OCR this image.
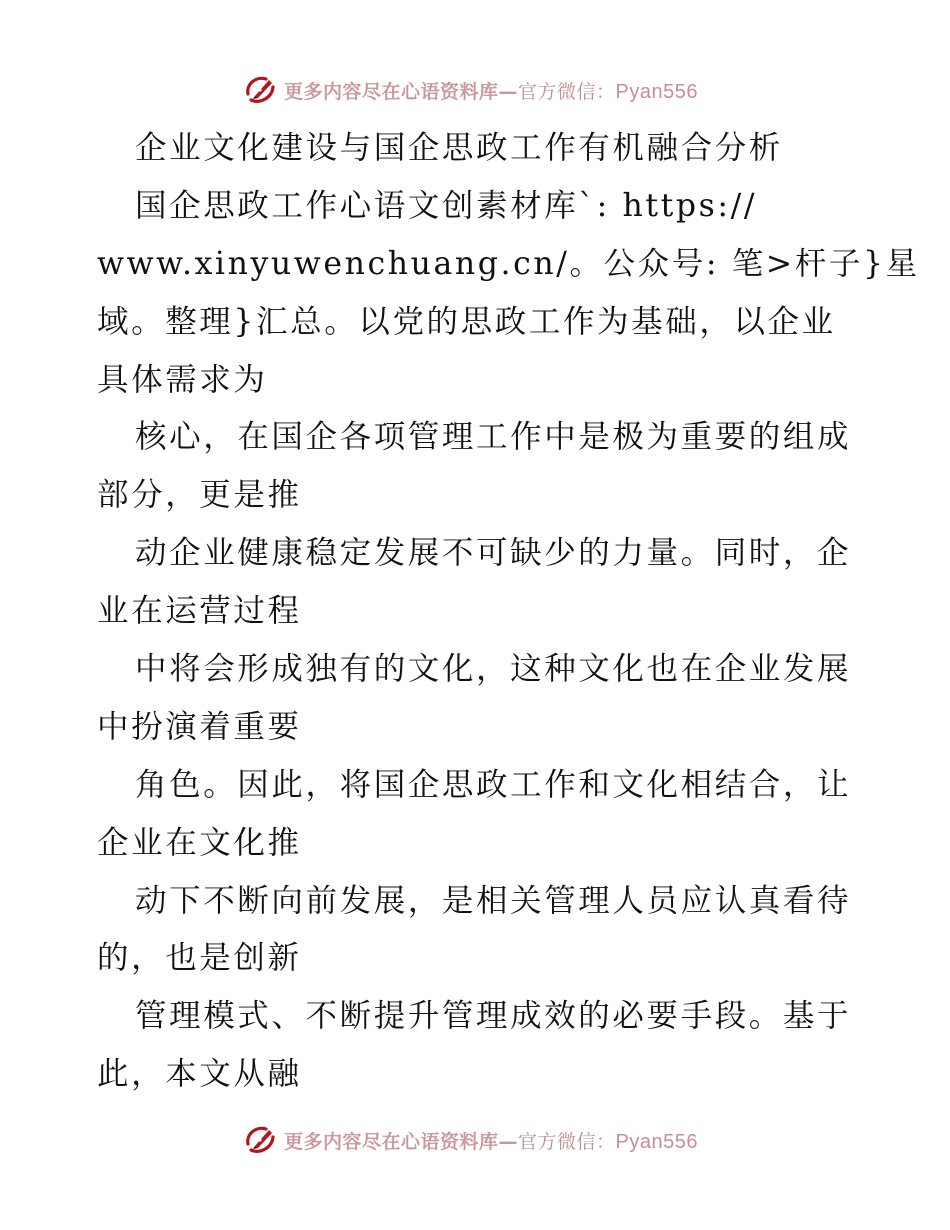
更多内容尽在心语资料库—官方微信：Pyan556
企业文化建设与国企思政工作有机融合分析
国企思政工作心语文创素材库`: https://
www.xinyuwenchuang.cn/。公众号: 笔>杆子}星
域。整理}汇总。以党的思政工作为基础，以企业
具体需求为
核心，在国企各项管理工作中是极为重要的组成
部分，更是推
动企业健康稳定发展不可缺少的力量。同时，企
业在运营过程
中将会形成独有的文化，这种文化也在企业发展
中扮演着重要
角色。因此，将国企思政工作和文化相结合，让
企业在文化推
动下不断向前发展，是相关管理人员应认真看待
的，也是创新
管理模式、不断提升管理成效的必要手段。基于
此，本文从融
更多内容尽在心语资料库—官方微信：Pyan556
